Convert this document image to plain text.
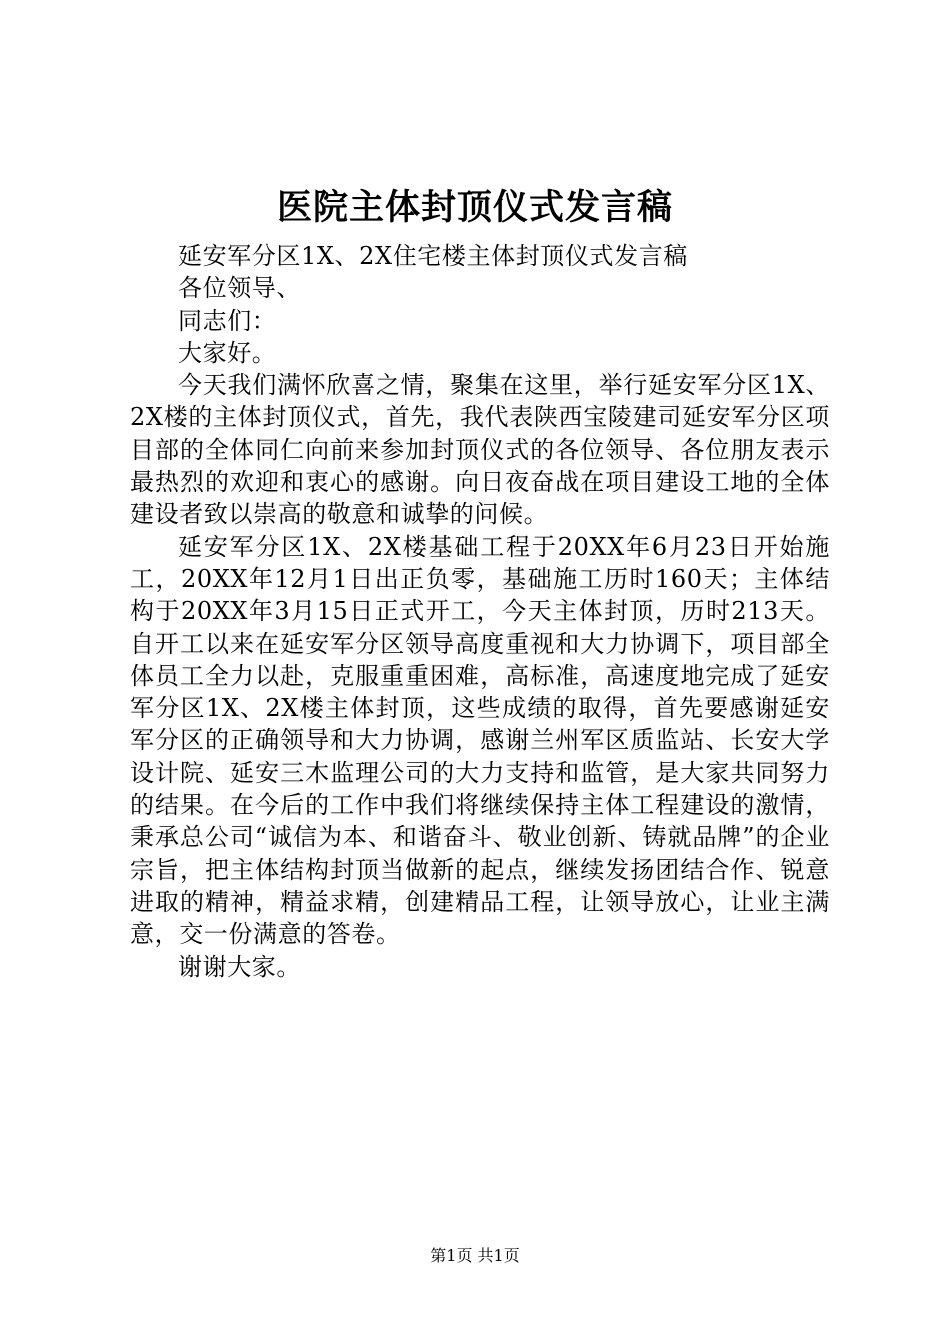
医院主体封顶仪式发言稿

延安军分区1X、2X住宅楼主体封顶仪式发言稿

各位领导、

同志们：

大家好。

今天我们满怀欣喜之情，聚集在这里，举行延安军分区1X、2X楼的主体封顶仪式，首先，我代表陕西宝陵建司延安军分区项目部的全体同仁向前来参加封顶仪式的各位领导、各位朋友表示最热烈的欢迎和衷心的感谢。向日夜奋战在项目建设工地的全体建设者致以崇高的敬意和诚挚的问候。

延安军分区1X、2X楼基础工程于20XX年6月23日开始施工，20XX年12月1日出正负零，基础施工历时160天；主体结构于20XX年3月15日正式开工，今天主体封顶，历时213天。自开工以来在延安军分区领导高度重视和大力协调下，项目部全体员工全力以赴，克服重重困难，高标准，高速度地完成了延安军分区1X、2X楼主体封顶，这些成绩的取得，首先要感谢延安军分区的正确领导和大力协调，感谢兰州军区质监站、长安大学设计院、延安三木监理公司的大力支持和监管，是大家共同努力的结果。在今后的工作中我们将继续保持主体工程建设的激情，秉承总公司“诚信为本、和谐奋斗、敬业创新、铸就品牌”的企业宗旨，把主体结构封顶当做新的起点，继续发扬团结合作、锐意进取的精神，精益求精，创建精品工程，让领导放心，让业主满意，交一份满意的答卷。

谢谢大家。

第1页 共1页
